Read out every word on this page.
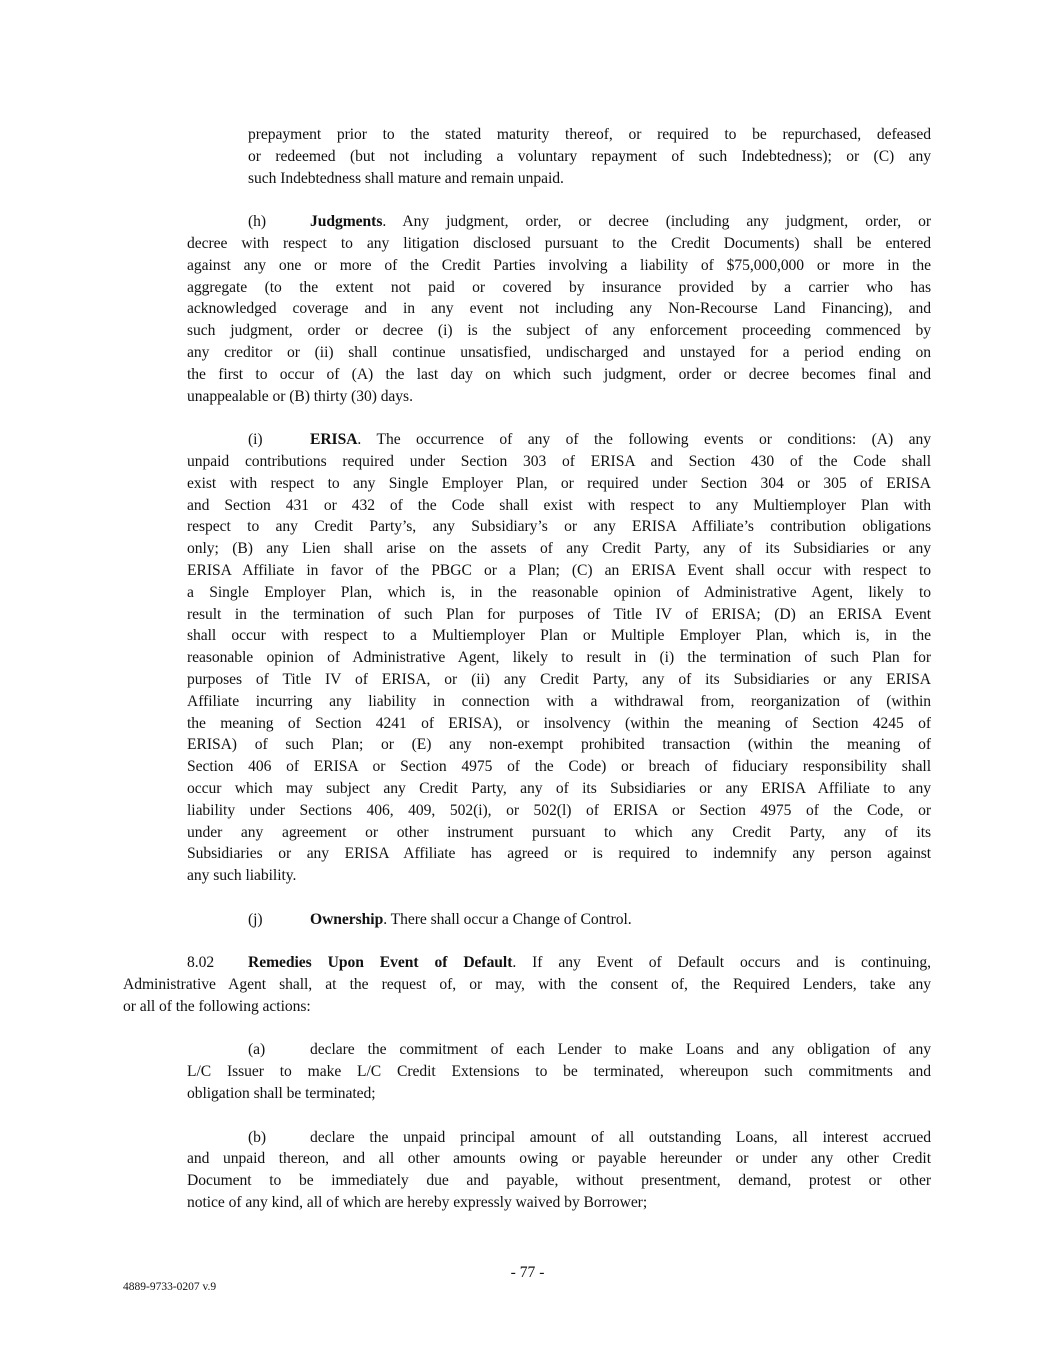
prepayment prior to the stated maturity thereof, or required to be repurchased, defeased
or redeemed (but not including a voluntary repayment of such Indebtedness); or (C) any
such Indebtedness shall mature and remain unpaid.
(h)	Judgments. Any judgment, order, or decree (including any judgment, order, or
decree with respect to any litigation disclosed pursuant to the Credit Documents) shall be entered
against any one or more of the Credit Parties involving a liability of $75,000,000 or more in the
aggregate (to the extent not paid or covered by insurance provided by a carrier who has
acknowledged coverage and in any event not including any Non-Recourse Land Financing), and
such judgment, order or decree (i) is the subject of any enforcement proceeding commenced by
any creditor or (ii) shall continue unsatisfied, undischarged and unstayed for a period ending on
the first to occur of (A) the last day on which such judgment, order or decree becomes final and
unappealable or (B) thirty (30) days.
(i)	ERISA. The occurrence of any of the following events or conditions: (A) any
unpaid contributions required under Section 303 of ERISA and Section 430 of the Code shall
exist with respect to any Single Employer Plan, or required under Section 304 or 305 of ERISA
and Section 431 or 432 of the Code shall exist with respect to any Multiemployer Plan with
respect to any Credit Party’s, any Subsidiary’s or any ERISA Affiliate’s contribution obligations
only; (B) any Lien shall arise on the assets of any Credit Party, any of its Subsidiaries or any
ERISA Affiliate in favor of the PBGC or a Plan; (C) an ERISA Event shall occur with respect to
a Single Employer Plan, which is, in the reasonable opinion of Administrative Agent, likely to
result in the termination of such Plan for purposes of Title IV of ERISA; (D) an ERISA Event
shall occur with respect to a Multiemployer Plan or Multiple Employer Plan, which is, in the
reasonable opinion of Administrative Agent, likely to result in (i) the termination of such Plan for
purposes of Title IV of ERISA, or (ii) any Credit Party, any of its Subsidiaries or any ERISA
Affiliate incurring any liability in connection with a withdrawal from, reorganization of (within
the meaning of Section 4241 of ERISA), or insolvency (within the meaning of Section 4245 of
ERISA) of such Plan; or (E) any non-exempt prohibited transaction (within the meaning of
Section 406 of ERISA or Section 4975 of the Code) or breach of fiduciary responsibility shall
occur which may subject any Credit Party, any of its Subsidiaries or any ERISA Affiliate to any
liability under Sections 406, 409, 502(i), or 502(l) of ERISA or Section 4975 of the Code, or
under any agreement or other instrument pursuant to which any Credit Party, any of its
Subsidiaries or any ERISA Affiliate has agreed or is required to indemnify any person against
any such liability.
(j)	Ownership. There shall occur a Change of Control.
8.02 Remedies Upon Event of Default. If any Event of Default occurs and is continuing,
Administrative Agent shall, at the request of, or may, with the consent of, the Required Lenders, take any
or all of the following actions:
(a)	declare the commitment of each Lender to make Loans and any obligation of any
L/C Issuer to make L/C Credit Extensions to be terminated, whereupon such commitments and
obligation shall be terminated;
(b)	declare the unpaid principal amount of all outstanding Loans, all interest accrued
and unpaid thereon, and all other amounts owing or payable hereunder or under any other Credit
Document to be immediately due and payable, without presentment, demand, protest or other
notice of any kind, all of which are hereby expressly waived by Borrower;
- 77 -
4889-9733-0207 v.9
